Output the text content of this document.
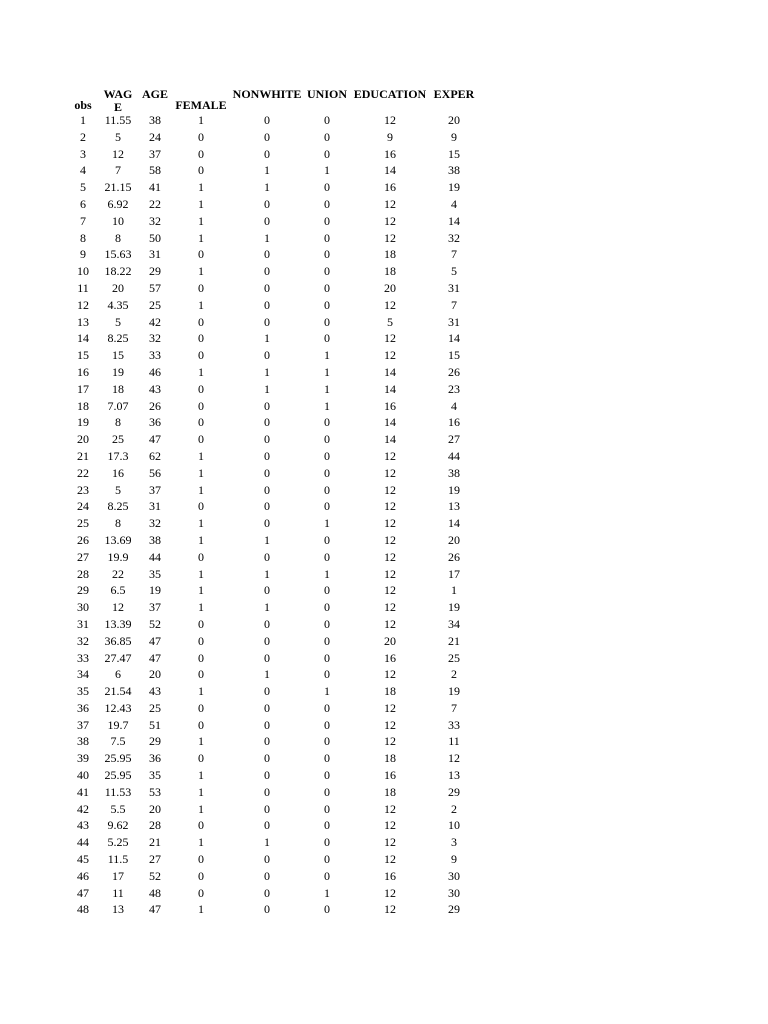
obs	WAGE	AGE	FEMALE	NONWHITE	UNION	EDUCATION	EXPER

1	11.55	38	1	0	0	12	20
2	5	24	0	0	0	9	9
3	12	37	0	0	0	16	15
4	7	58	0	1	1	14	38
5	21.15	41	1	1	0	16	19
6	6.92	22	1	0	0	12	4
7	10	32	1	0	0	12	14
8	8	50	1	1	0	12	32
9	15.63	31	0	0	0	18	7
10	18.22	29	1	0	0	18	5
11	20	57	0	0	0	20	31
12	4.35	25	1	0	0	12	7
13	5	42	0	0	0	5	31
14	8.25	32	0	1	0	12	14
15	15	33	0	0	1	12	15
16	19	46	1	1	1	14	26
17	18	43	0	1	1	14	23
18	7.07	26	0	0	1	16	4
19	8	36	0	0	0	14	16
20	25	47	0	0	0	14	27
21	17.3	62	1	0	0	12	44
22	16	56	1	0	0	12	38
23	5	37	1	0	0	12	19
24	8.25	31	0	0	0	12	13
25	8	32	1	0	1	12	14
26	13.69	38	1	1	0	12	20
27	19.9	44	0	0	0	12	26
28	22	35	1	1	1	12	17
29	6.5	19	1	0	0	12	1
30	12	37	1	1	0	12	19
31	13.39	52	0	0	0	12	34
32	36.85	47	0	0	0	20	21
33	27.47	47	0	0	0	16	25
34	6	20	0	1	0	12	2
35	21.54	43	1	0	1	18	19
36	12.43	25	0	0	0	12	7
37	19.7	51	0	0	0	12	33
38	7.5	29	1	0	0	12	11
39	25.95	36	0	0	0	18	12
40	25.95	35	1	0	0	16	13
41	11.53	53	1	0	0	18	29
42	5.5	20	1	0	0	12	2
43	9.62	28	0	0	0	12	10
44	5.25	21	1	1	0	12	3
45	11.5	27	0	0	0	12	9
46	17	52	0	0	0	16	30
47	11	48	0	0	1	12	30
48	13	47	1	0	0	12	29
